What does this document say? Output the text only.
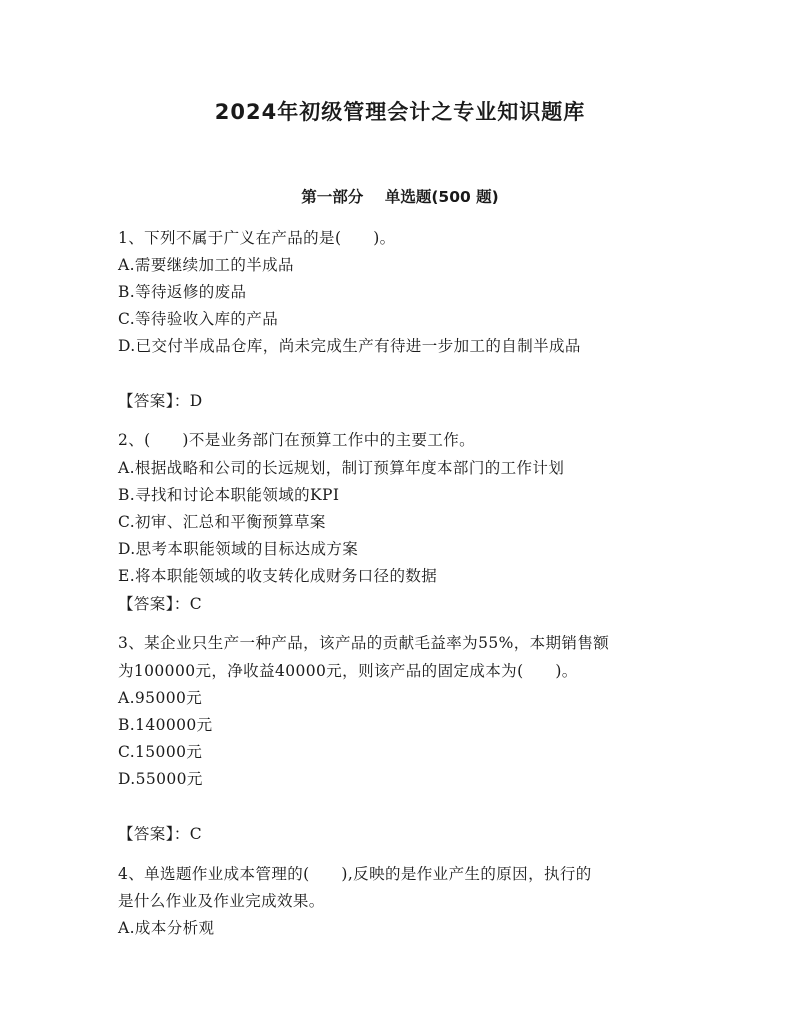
2024年初级管理会计之专业知识题库
第一部分    单选题(500 题)
1、下列不属于广义在产品的是(　　)。
A.需要继续加工的半成品
B.等待返修的废品
C.等待验收入库的产品
D.已交付半成品仓库，尚未完成生产有待进一步加工的自制半成品
【答案】：D
2、(　　)不是业务部门在预算工作中的主要工作。
A.根据战略和公司的长远规划，制订预算年度本部门的工作计划
B.寻找和讨论本职能领域的KPI
C.初审、汇总和平衡预算草案
D.思考本职能领域的目标达成方案
E.将本职能领域的收支转化成财务口径的数据
【答案】：C
3、某企业只生产一种产品，该产品的贡献毛益率为55%，本期销售额
为100000元，净收益40000元，则该产品的固定成本为(　　)。
A.95000元
B.140000元
C.15000元
D.55000元
【答案】：C
4、单选题作业成本管理的(　　),反映的是作业产生的原因，执行的
是什么作业及作业完成效果。
A.成本分析观
